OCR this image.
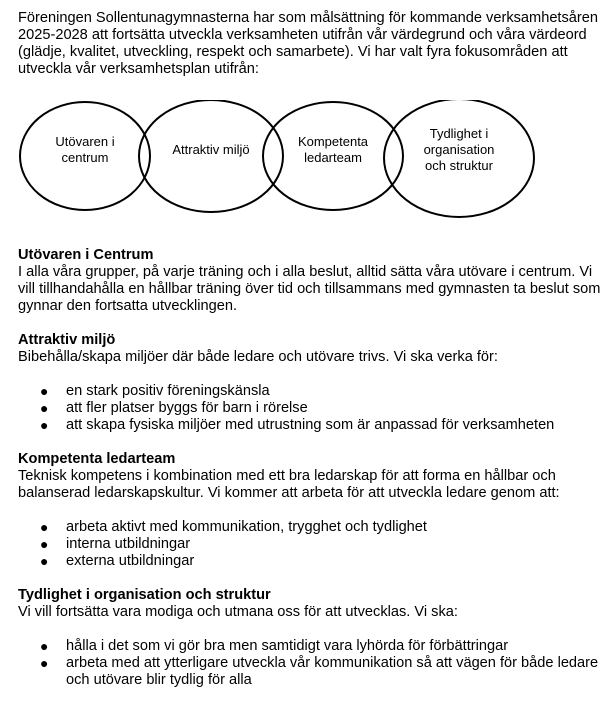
Föreningen Sollentunagymnasterna har som målsättning för kommande verksamhetsåren 2025-2028 att fortsätta utveckla verksamheten utifrån vår värdegrund och våra värdeord (glädje, kvalitet, utveckling, respekt och samarbete). Vi har valt fyra fokusområden att utveckla vår verksamhetsplan utifrån:

Utövaren i centrum
Attraktiv miljö
Kompetenta ledarteam
Tydlighet i organisation och struktur
Utövaren i Centrum

I alla våra grupper, på varje träning och i alla beslut, alltid sätta våra utövare i centrum. Vi vill tillhandahålla en hållbar träning över tid och tillsammans med gymnasten ta beslut som gynnar den fortsatta utvecklingen.

Attraktiv miljö

Bibehålla/skapa miljöer där både ledare och utövare trivs. Vi ska verka för:

● en stark positiv föreningskänsla
● att fler platser byggs för barn i rörelse
● att skapa fysiska miljöer med utrustning som är anpassad för verksamheten
Kompetenta ledarteam

Teknisk kompetens i kombination med ett bra ledarskap för att forma en hållbar och balanserad ledarskapskultur. Vi kommer att arbeta för att utveckla ledare genom att:

● arbeta aktivt med kommunikation, trygghet och tydlighet
● interna utbildningar
● externa utbildningar
Tydlighet i organisation och struktur

Vi vill fortsätta vara modiga och utmana oss för att utvecklas. Vi ska:

● hålla i det som vi gör bra men samtidigt vara lyhörda för förbättringar
● arbeta med att ytterligare utveckla vår kommunikation så att vägen för både ledare och utövare blir tydlig för alla
